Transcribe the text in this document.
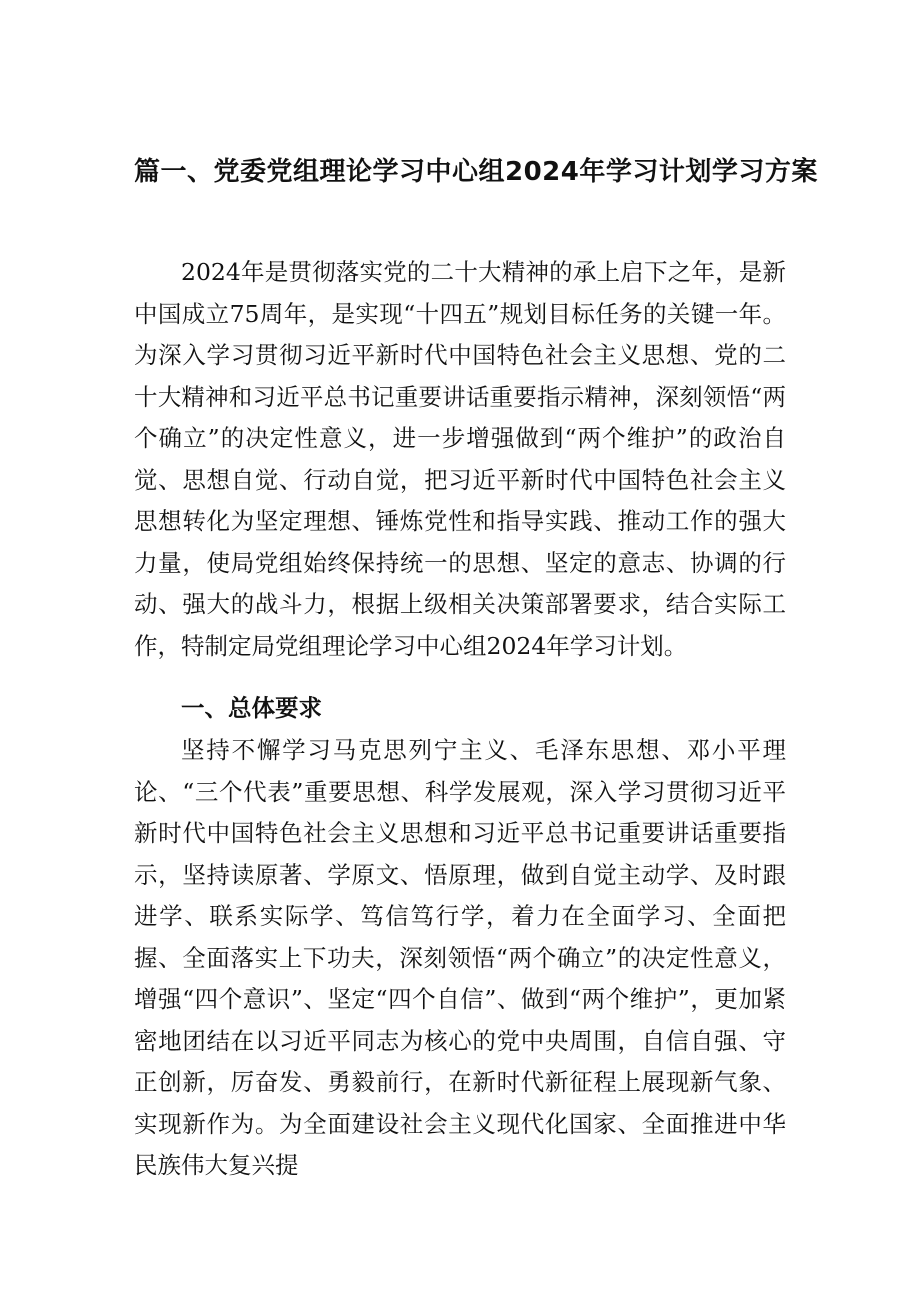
篇一、党委党组理论学习中心组2024年学习计划学习方案

2024年是贯彻落实党的二十大精神的承上启下之年，是新中国成立75周年，是实现“十四五”规划目标任务的关键一年。为深入学习贯彻习近平新时代中国特色社会主义思想、党的二十大精神和习近平总书记重要讲话重要指示精神，深刻领悟“两个确立”的决定性意义，进一步增强做到“两个维护”的政治自觉、思想自觉、行动自觉，把习近平新时代中国特色社会主义思想转化为坚定理想、锤炼党性和指导实践、推动工作的强大力量，使局党组始终保持统一的思想、坚定的意志、协调的行动、强大的战斗力，根据上级相关决策部署要求，结合实际工作，特制定局党组理论学习中心组2024年学习计划。

一、总体要求

坚持不懈学习马克思列宁主义、毛泽东思想、邓小平理论、“三个代表”重要思想、科学发展观，深入学习贯彻习近平新时代中国特色社会主义思想和习近平总书记重要讲话重要指示，坚持读原著、学原文、悟原理，做到自觉主动学、及时跟进学、联系实际学、笃信笃行学，着力在全面学习、全面把握、全面落实上下功夫，深刻领悟“两个确立”的决定性意义，增强“四个意识”、坚定“四个自信”、做到“两个维护”，更加紧密地团结在以习近平同志为核心的党中央周围，自信自强、守正创新，厉奋发、勇毅前行，在新时代新征程上展现新气象、实现新作为。为全面建设社会主义现代化国家、全面推进中华民族伟大复兴提
